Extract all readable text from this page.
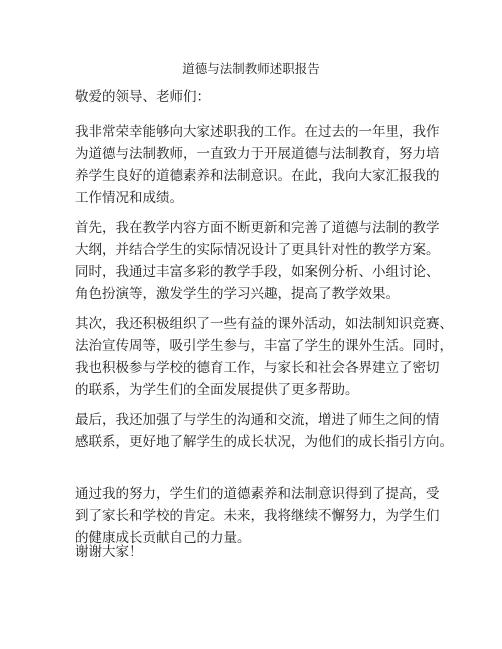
道德与法制教师述职报告
敬爱的领导、老师们：
我非常荣幸能够向大家述职我的工作。在过去的一年里，我作
为道德与法制教师，一直致力于开展道德与法制教育，努力培
养学生良好的道德素养和法制意识。在此，我向大家汇报我的
工作情况和成绩。
首先，我在教学内容方面不断更新和完善了道德与法制的教学
大纲，并结合学生的实际情况设计了更具针对性的教学方案。
同时，我通过丰富多彩的教学手段，如案例分析、小组讨论、
角色扮演等，激发学生的学习兴趣，提高了教学效果。
其次，我还积极组织了一些有益的课外活动，如法制知识竞赛、
法治宣传周等，吸引学生参与，丰富了学生的课外生活。同时，
我也积极参与学校的德育工作，与家长和社会各界建立了密切
的联系，为学生们的全面发展提供了更多帮助。
最后，我还加强了与学生的沟通和交流，增进了师生之间的情
感联系，更好地了解学生的成长状况，为他们的成长指引方向。
通过我的努力，学生们的道德素养和法制意识得到了提高，受
到了家长和学校的肯定。未来，我将继续不懈努力，为学生们
的健康成长贡献自己的力量。
谢谢大家！
